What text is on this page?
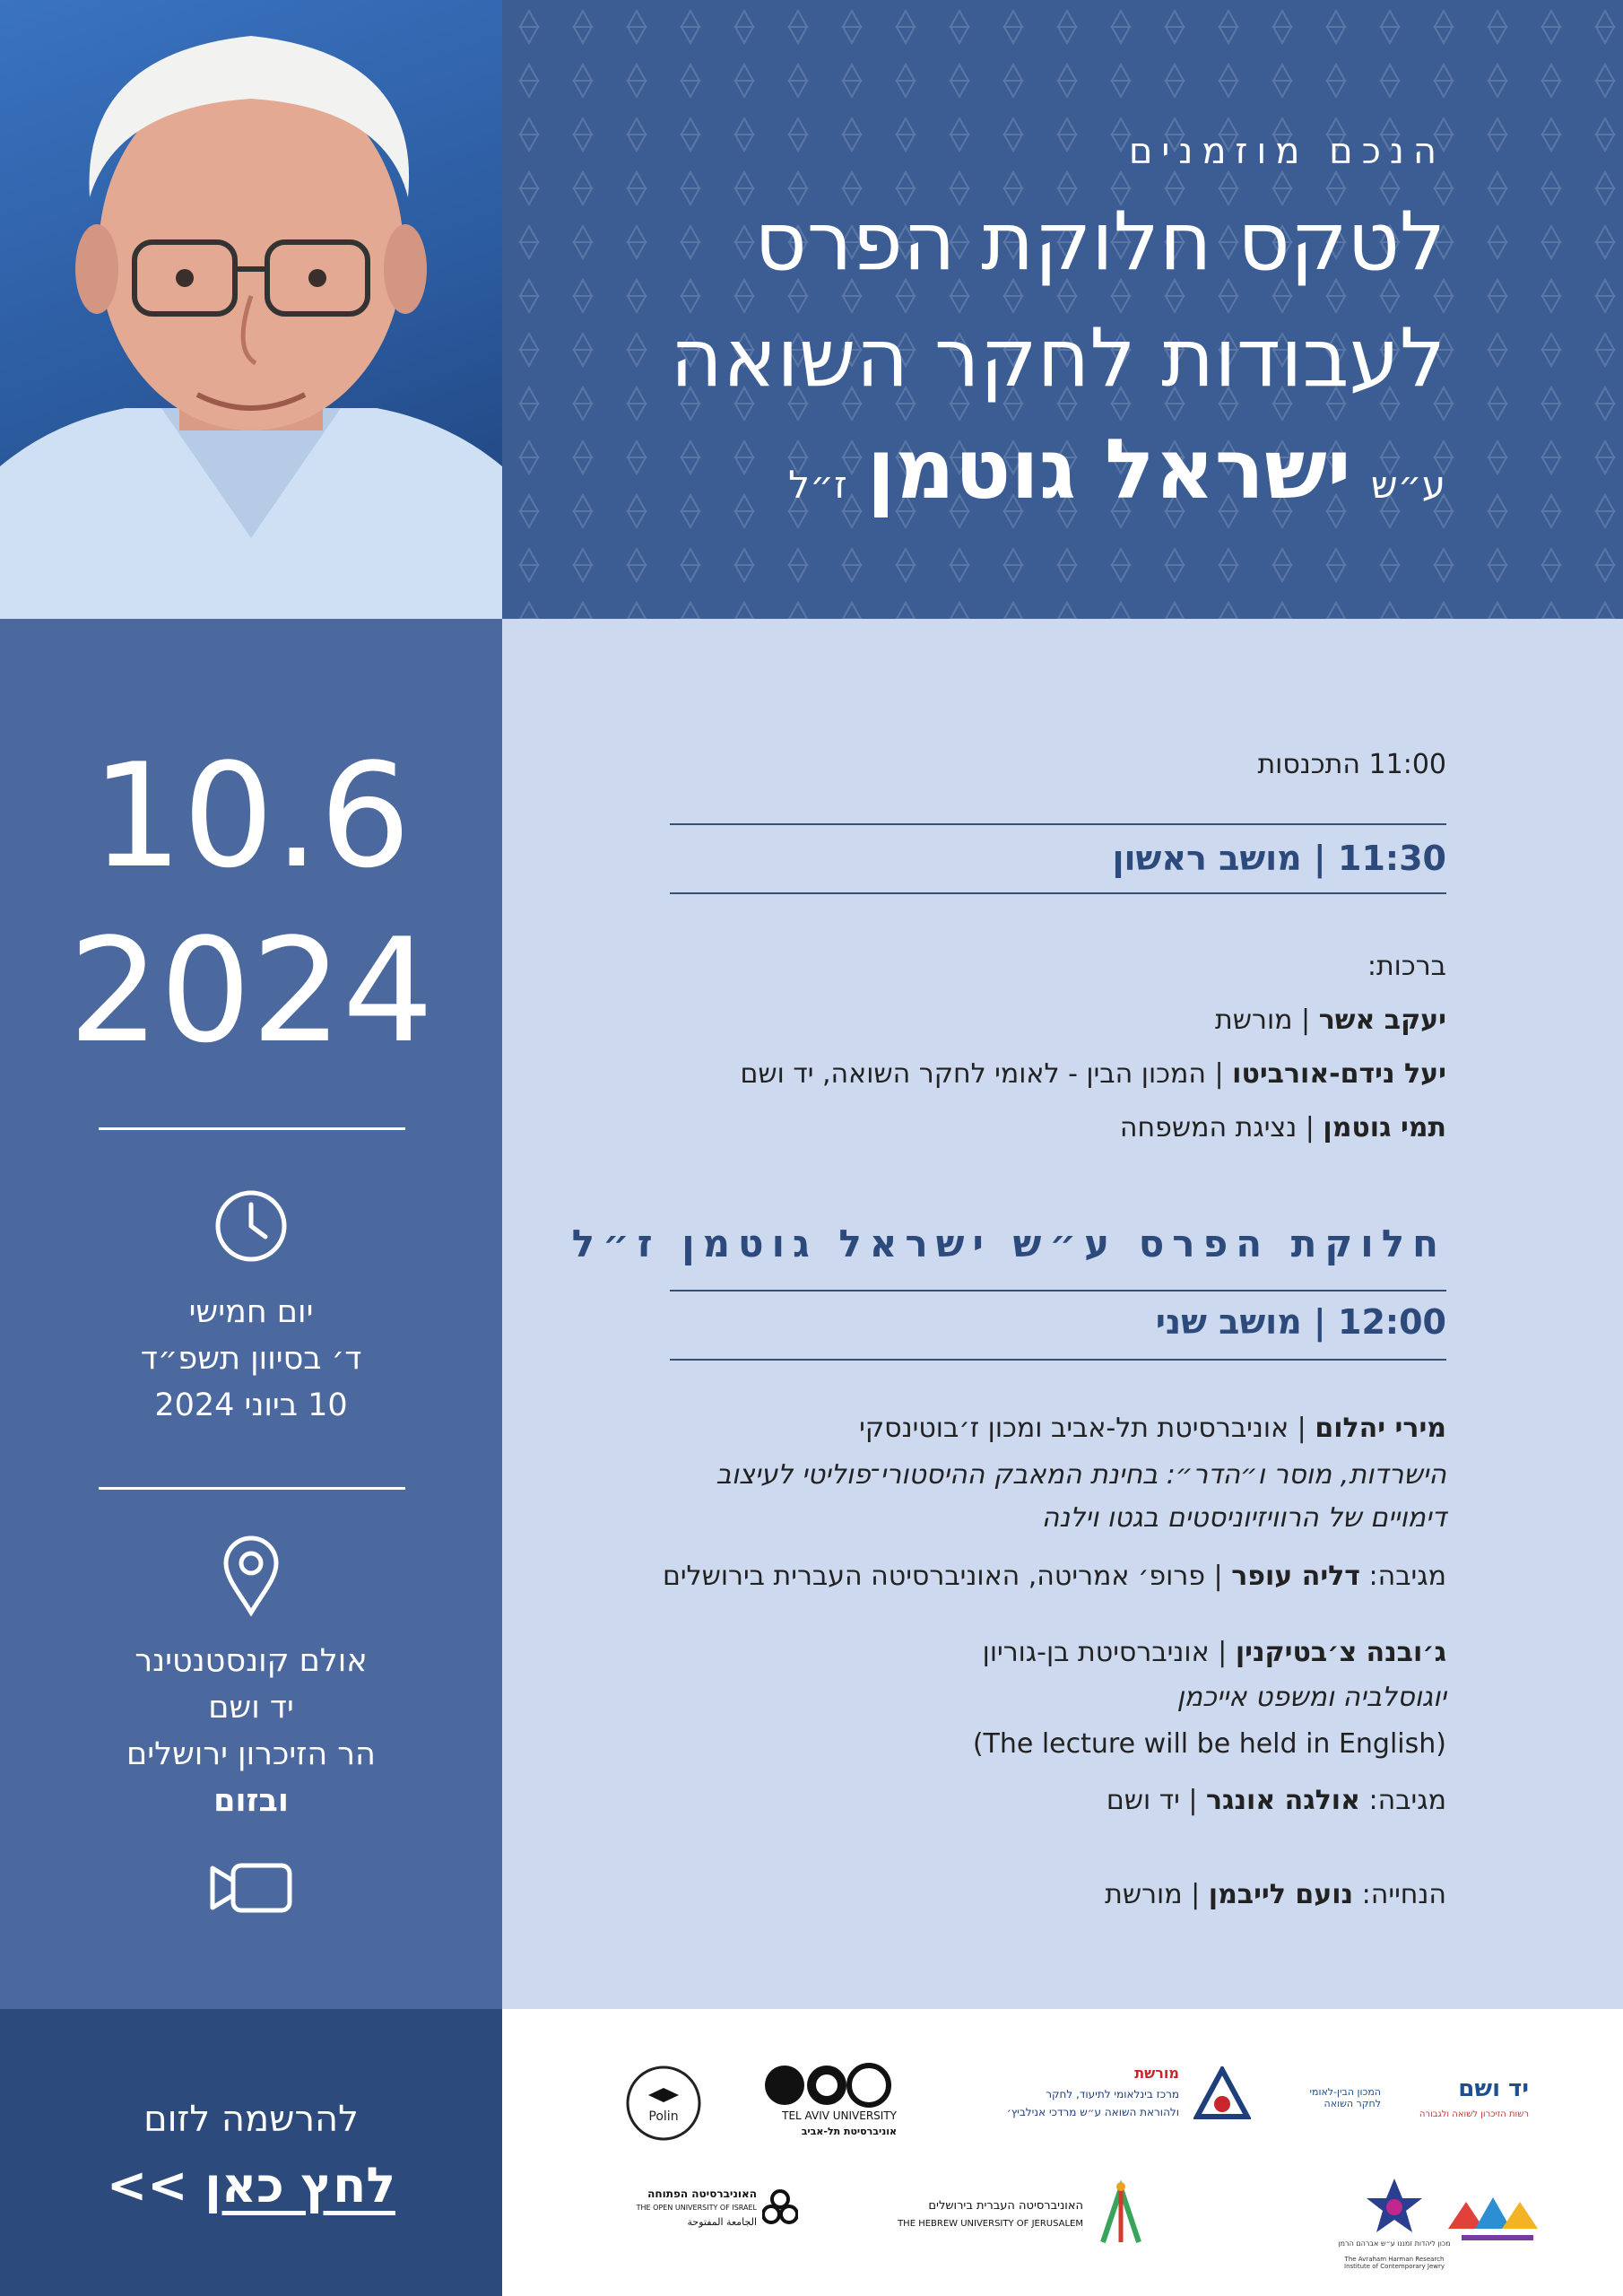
הנכם מוזמנים
לטקס חלוקת הפרס
לעבודות לחקר השואה
ע״שישראל גוטמןז״ל
10.6
2024
יום חמישי
ד׳ בסיוון תשפ״ד
10 ביוני 2024
אולם קונסטנטינר
יד ושם
הר הזיכרון ירושלים
ובזום
להרשמה לזום
לחץ כאן >>
11:00 התכנסות
11:30 | מושב ראשון
ברכות:
יעקב אשר | מורשת
יעל נידם-אורביטו | המכון הבין - לאומי לחקר השואה, יד ושם
תמי גוטמן | נציגת המשפחה
חלוקת הפרס ע״ש ישראל גוטמן ז״ל
12:00 | מושב שני
מירי יהלום | אוניברסיטת תל-אביב ומכון ז׳בוטינסקי
הישרדות, מוסר ו״הדר״: בחינת המאבק ההיסטורי־פוליטי לעיצוב
דימויים של הרוויזיוניסטים בגטו וילנה
מגיבה: דליה עופר | פרופ׳ אמריטה, האוניברסיטה העברית בירושלים
ג׳ובנה צ׳בטיקנין | אוניברסיטת בן-גוריון
יוגוסלביה ומשפט אייכמן
(The lecture will be held in English)
מגיבה: אולגה אונגר | יד ושם
הנחייה: נועם לייבמן | מורשת
יד ושם
רשות הזיכרון לשואה ולגבורה
המכון הבין-לאומי לחקר השואה
מורשת
מרכז בינלאומי לתיעוד, לחקר
ולהוראת השואה ע״ש מרדכי אנילביץ׳
TEL AVIV UNIVERSITY
אוניברסיטת תל-אביב
Polin
מכון ליהדות זמננו ע״ש אברהם הרמן
The Avraham Harman Research Institute of Contemporary Jewry
האוניברסיטה העברית בירושלים
THE HEBREW UNIVERSITY OF JERUSALEM
האוניברסיטה הפתוחה
THE OPEN UNIVERSITY OF ISRAEL
الجامعة المفتوحة
